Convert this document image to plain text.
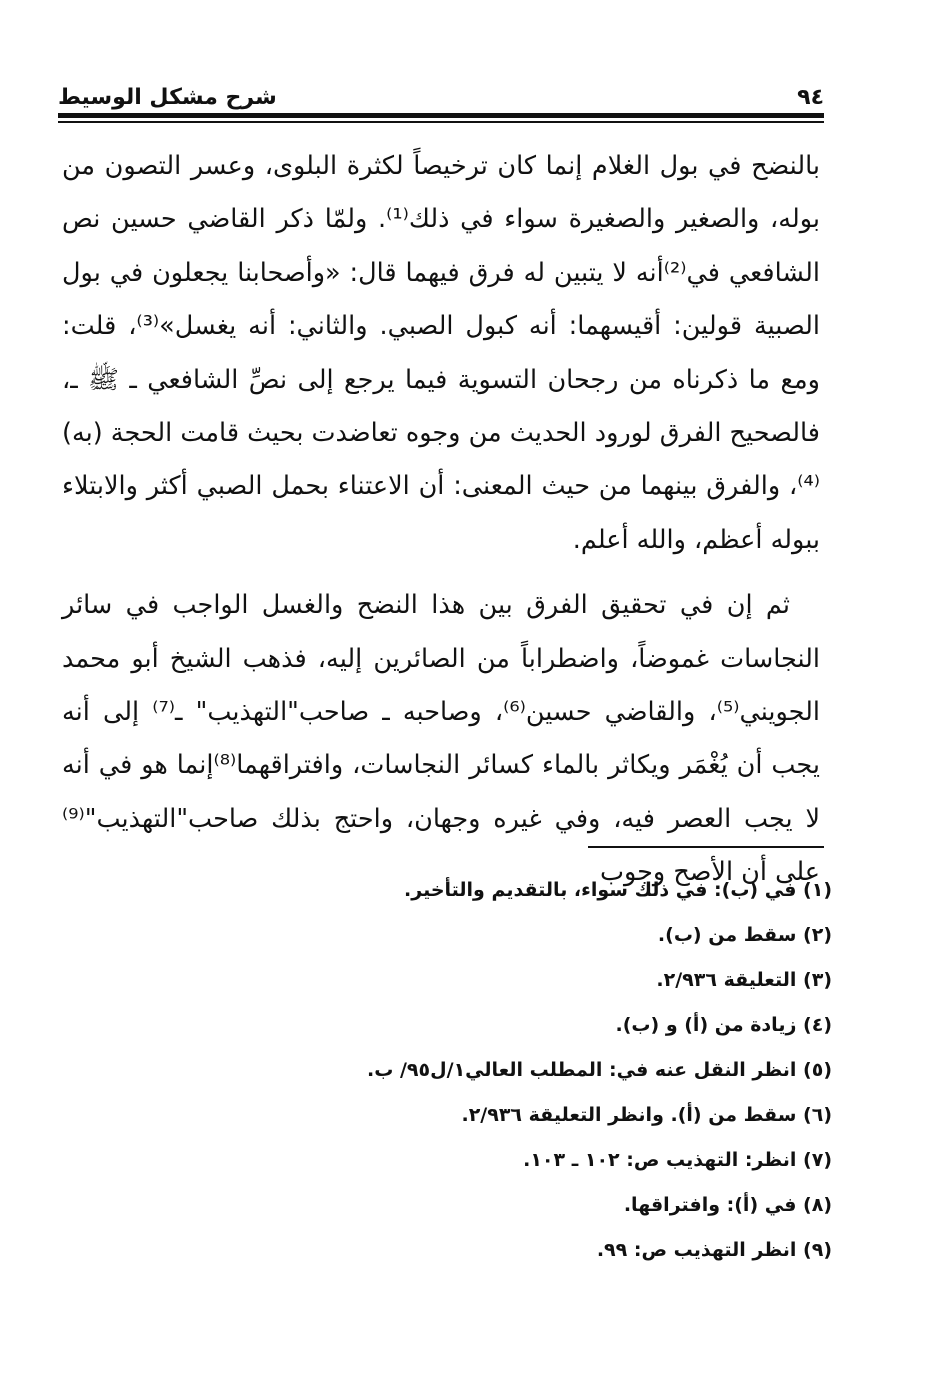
شرح مشكل الوسيط	٩٤

بالنضح في بول الغلام إنما كان ترخيصاً لكثرة البلوى، وعسر التصون من بوله، والصغير والصغيرة سواء في ذلك⁽¹⁾. ولمّا ذكر القاضي حسين نص الشافعي في⁽²⁾أنه لا يتبين له فرق فيهما قال: «وأصحابنا يجعلون في بول الصبية قولين: أقيسهما: أنه كبول الصبي. والثاني: أنه يغسل»⁽³⁾، قلت: ومع ما ذكرناه من رجحان التسوية فيما يرجع إلى نصِّ الشافعي ـ ﷺ ـ، فالصحيح الفرق لورود الحديث من وجوه تعاضدت بحيث قامت الحجة (به)⁽⁴⁾، والفرق بينهما من حيث المعنى: أن الاعتناء بحمل الصبي أكثر والابتلاء ببوله أعظم، والله أعلم.

ثم إن في تحقيق الفرق بين هذا النضح والغسل الواجب في سائر النجاسات غموضاً، واضطراباً من الصائرين إليه، فذهب الشيخ أبو محمد الجويني⁽⁵⁾، والقاضي حسين⁽⁶⁾، وصاحبه ـ صاحب"التهذيب" ـ⁽⁷⁾ إلى أنه يجب أن يُغْمَر ويكاثر بالماء كسائر النجاسات، وافتراقهما⁽⁸⁾إنما هو في أنه لا يجب العصر فيه، وفي غيره وجهان، واحتج بذلك صاحب"التهذيب"⁽⁹⁾على أن الأصح وجوب

(١) في (ب): في ذلك سواء، بالتقديم والتأخير.
(٢) سقط من (ب).
(٣) التعليقة ٢/٩٣٦.
(٤) زيادة من (أ) و (ب).
(٥) انظر النقل عنه في: المطلب العالي١/ل٩٥/ ب.
(٦) سقط من (أ). وانظر التعليقة ٢/٩٣٦.
(٧) انظر: التهذيب ص: ١٠٢ ـ ١٠٣.
(٨) في (أ): وافتراقها.
(٩) انظر التهذيب ص: ٩٩.
